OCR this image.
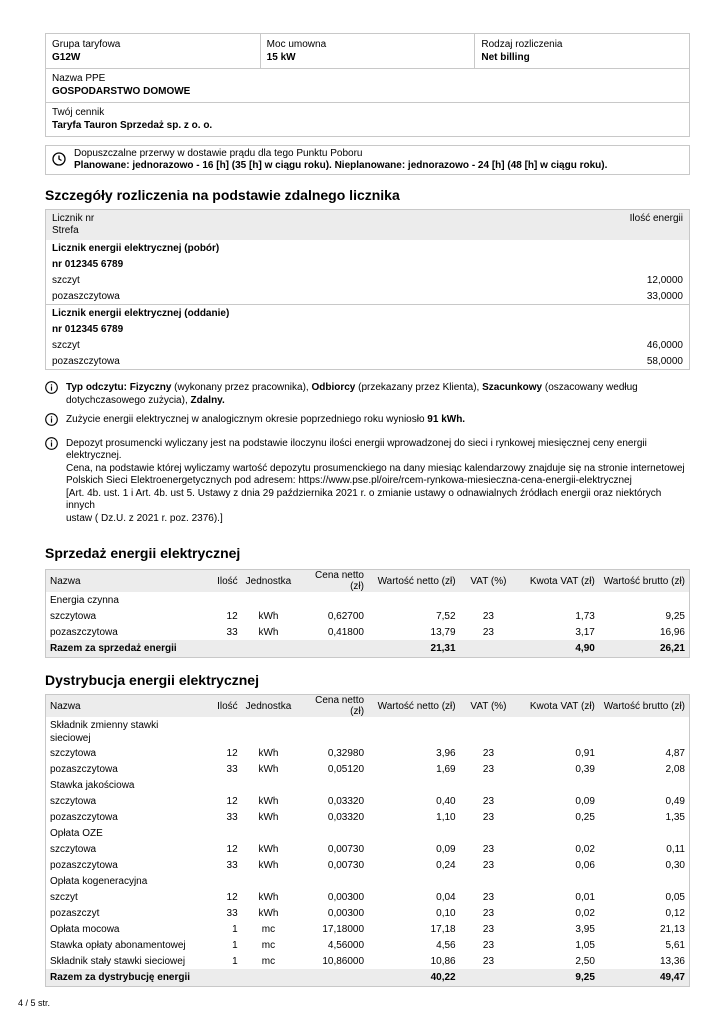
Grupa taryfowa
G12W
Moc umowna
15 kW
Rodzaj rozliczenia
Net billing
Nazwa PPE
GOSPODARSTWO DOMOWE
Twój cennik
Taryfa Tauron Sprzedaż sp. z o. o.
Dopuszczalne przerwy w dostawie prądu dla tego Punktu Poboru
Planowane: jednorazowo - 16 [h] (35 [h] w ciągu roku). Nieplanowane: jednorazowo - 24 [h] (48 [h] w ciągu roku).
Szczegóły rozliczenia na podstawie zdalnego licznika
Licznik nr
Strefa
Ilość energii
Licznik energii elektrycznej (pobór)
nr 012345 6789
szczyt	12,0000
pozaszczytowa	33,0000
Licznik energii elektrycznej (oddanie)
nr 012345 6789
szczyt	46,0000
pozaszczytowa	58,0000
Typ odczytu: Fizyczny (wykonany przez pracownika), Odbiorcy (przekazany przez Klienta), Szacunkowy (oszacowany według dotychczasowego zużycia), Zdalny.
Zużycie energii elektrycznej w analogicznym okresie poprzedniego roku wyniosło 91 kWh.
Depozyt prosumencki wyliczany jest na podstawie iloczynu ilości energii wprowadzonej do sieci i rynkowej miesięcznej ceny energii elektrycznej.
Cena, na podstawie której wyliczamy wartość depozytu prosumenckiego na dany miesiąc kalendarzowy znajduje się na stronie internetowej
Polskich Sieci Elektroenergetycznych pod adresem: https://www.pse.pl/oire/rcem-rynkowa-miesieczna-cena-energii-elektrycznej
[Art. 4b. ust. 1 i Art. 4b. ust 5. Ustawy z dnia 29 października 2021 r. o zmianie ustawy o odnawialnych źródłach energii oraz niektórych innych
ustaw ( Dz.U. z 2021 r. poz. 2376).]
Sprzedaż energii elektrycznej
Nazwa	Ilość	Jednostka	Cena netto (zł)	Wartość netto (zł)	VAT (%)	Kwota VAT (zł)	Wartość brutto (zł)
Energia czynna							
szczytowa	12	kWh	0,62700	7,52	23	1,73	9,25
pozaszczytowa	33	kWh	0,41800	13,79	23	3,17	16,96
Razem za sprzedaż energii				21,31		4,90	26,21
Dystrybucja energii elektrycznej
Nazwa	Ilość	Jednostka	Cena netto (zł)	Wartość netto (zł)	VAT (%)	Kwota VAT (zł)	Wartość brutto (zł)

Składnik zmienny stawki
sieciowej							

szczytowa	12	kWh	0,32980	3,96	23	0,91	4,87
pozaszczytowa	33	kWh	0,05120	1,69	23	0,39	2,08
Stawka jakościowa							
szczytowa	12	kWh	0,03320	0,40	23	0,09	0,49
pozaszczytowa	33	kWh	0,03320	1,10	23	0,25	1,35
Opłata OZE							
szczytowa	12	kWh	0,00730	0,09	23	0,02	0,11
pozaszczytowa	33	kWh	0,00730	0,24	23	0,06	0,30
Opłata kogeneracyjna							
szczyt	12	kWh	0,00300	0,04	23	0,01	0,05
pozaszczyt	33	kWh	0,00300	0,10	23	0,02	0,12
Opłata mocowa	1	mc	17,18000	17,18	23	3,95	21,13
Stawka opłaty abonamentowej	1	mc	4,56000	4,56	23	1,05	5,61
Składnik stały stawki sieciowej	1	mc	10,86000	10,86	23	2,50	13,36
Razem za dystrybucję energii				40,22		9,25	49,47
4 / 5 str.
